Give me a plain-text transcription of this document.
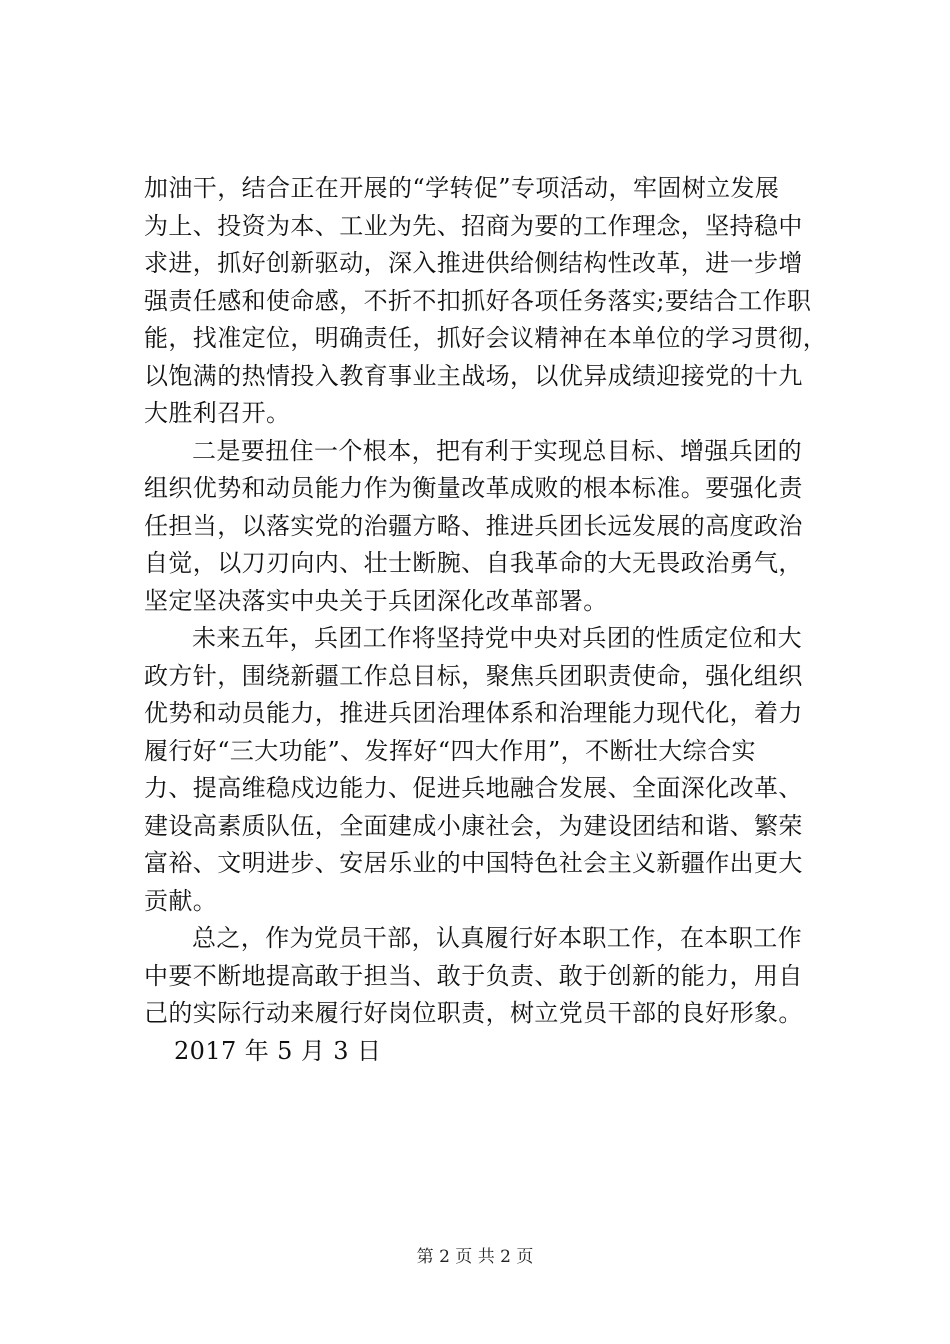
加油干，结合正在开展的“学转促”专项活动，牢固树立发展
为上、投资为本、工业为先、招商为要的工作理念，坚持稳中
求进，抓好创新驱动，深入推进供给侧结构性改革，进一步增
强责任感和使命感，不折不扣抓好各项任务落实;要结合工作职
能，找准定位，明确责任，抓好会议精神在本单位的学习贯彻，
以饱满的热情投入教育事业主战场，以优异成绩迎接党的十九
大胜利召开。
二是要扭住一个根本，把有利于实现总目标、增强兵团的
组织优势和动员能力作为衡量改革成败的根本标准。要强化责
任担当，以落实党的治疆方略、推进兵团长远发展的高度政治
自觉，以刀刃向内、壮士断腕、自我革命的大无畏政治勇气，
坚定坚决落实中央关于兵团深化改革部署。
未来五年，兵团工作将坚持党中央对兵团的性质定位和大
政方针，围绕新疆工作总目标，聚焦兵团职责使命，强化组织
优势和动员能力，推进兵团治理体系和治理能力现代化，着力
履行好“三大功能”、发挥好“四大作用”，不断壮大综合实
力、提高维稳戍边能力、促进兵地融合发展、全面深化改革、
建设高素质队伍，全面建成小康社会，为建设团结和谐、繁荣
富裕、文明进步、安居乐业的中国特色社会主义新疆作出更大
贡献。
总之，作为党员干部，认真履行好本职工作，在本职工作
中要不断地提高敢于担当、敢于负责、敢于创新的能力，用自
己的实际行动来履行好岗位职责，树立党员干部的良好形象。
2017 年 5 月 3 日
第 2 页 共 2 页
